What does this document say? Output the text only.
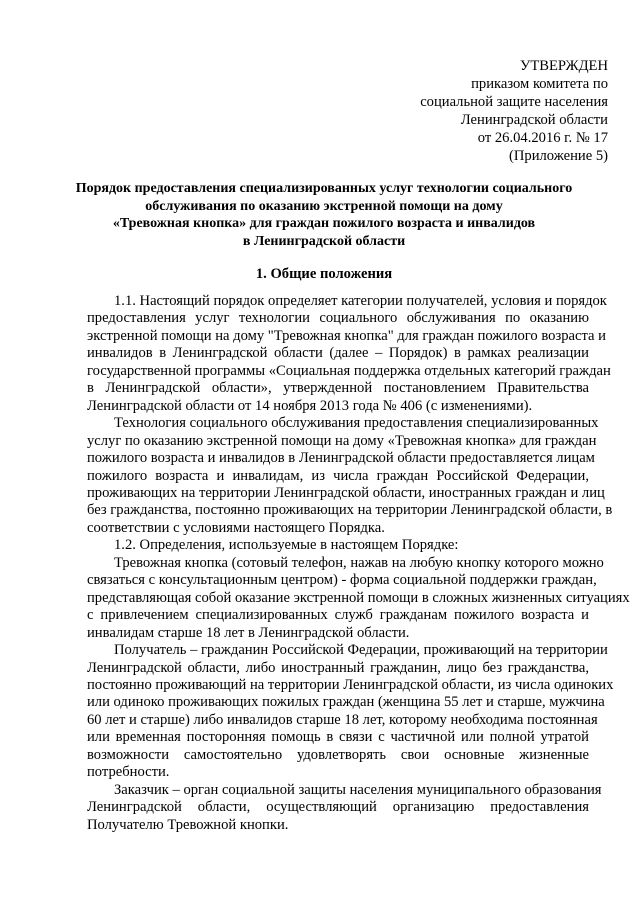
УТВЕРЖДЕН
приказом комитета по
социальной защите населения
Ленинградской области
от 26.04.2016 г. № 17
(Приложение 5)
Порядок предоставления специализированных услуг технологии социального
обслуживания по оказанию экстренной помощи на дому
«Тревожная кнопка» для граждан пожилого возраста и инвалидов
в Ленинградской области
1. Общие положения
1.1. Настоящий порядок определяет категории получателей, условия и порядок
предоставления услуг технологии социального обслуживания по оказанию
экстренной помощи на дому "Тревожная кнопка" для граждан пожилого возраста и
инвалидов в Ленинградской области (далее – Порядок) в рамках реализации
государственной программы «Социальная поддержка отдельных категорий граждан
в Ленинградской области», утвержденной постановлением Правительства
Ленинградской области от 14 ноября 2013 года № 406 (с изменениями).
Технология социального обслуживания предоставления специализированных
услуг по оказанию экстренной помощи на дому «Тревожная кнопка» для граждан
пожилого возраста и инвалидов в Ленинградской области предоставляется лицам
пожилого возраста и инвалидам, из числа граждан Российской Федерации,
проживающих на территории Ленинградской области, иностранных граждан и лиц
без гражданства, постоянно проживающих на территории Ленинградской области, в
соответствии с условиями настоящего Порядка.
1.2. Определения, используемые в настоящем Порядке:
Тревожная кнопка (сотовый телефон, нажав на любую кнопку которого можно
связаться с консультационным центром) - форма социальной поддержки граждан,
представляющая собой оказание экстренной помощи в сложных жизненных ситуациях
с привлечением специализированных служб гражданам пожилого возраста и
инвалидам старше 18 лет в Ленинградской области.
Получатель – гражданин Российской Федерации, проживающий на территории
Ленинградской области, либо иностранный гражданин, лицо без гражданства,
постоянно проживающий на территории Ленинградской области, из числа одиноких
или одиноко проживающих пожилых граждан (женщина 55 лет и старше, мужчина
60 лет и старше) либо инвалидов старше 18 лет, которому необходима постоянная
или временная посторонняя помощь в связи с частичной или полной утратой
возможности самостоятельно удовлетворять свои основные жизненные
потребности.
Заказчик – орган социальной защиты населения муниципального образования
Ленинградской области, осуществляющий организацию предоставления
Получателю Тревожной кнопки.
